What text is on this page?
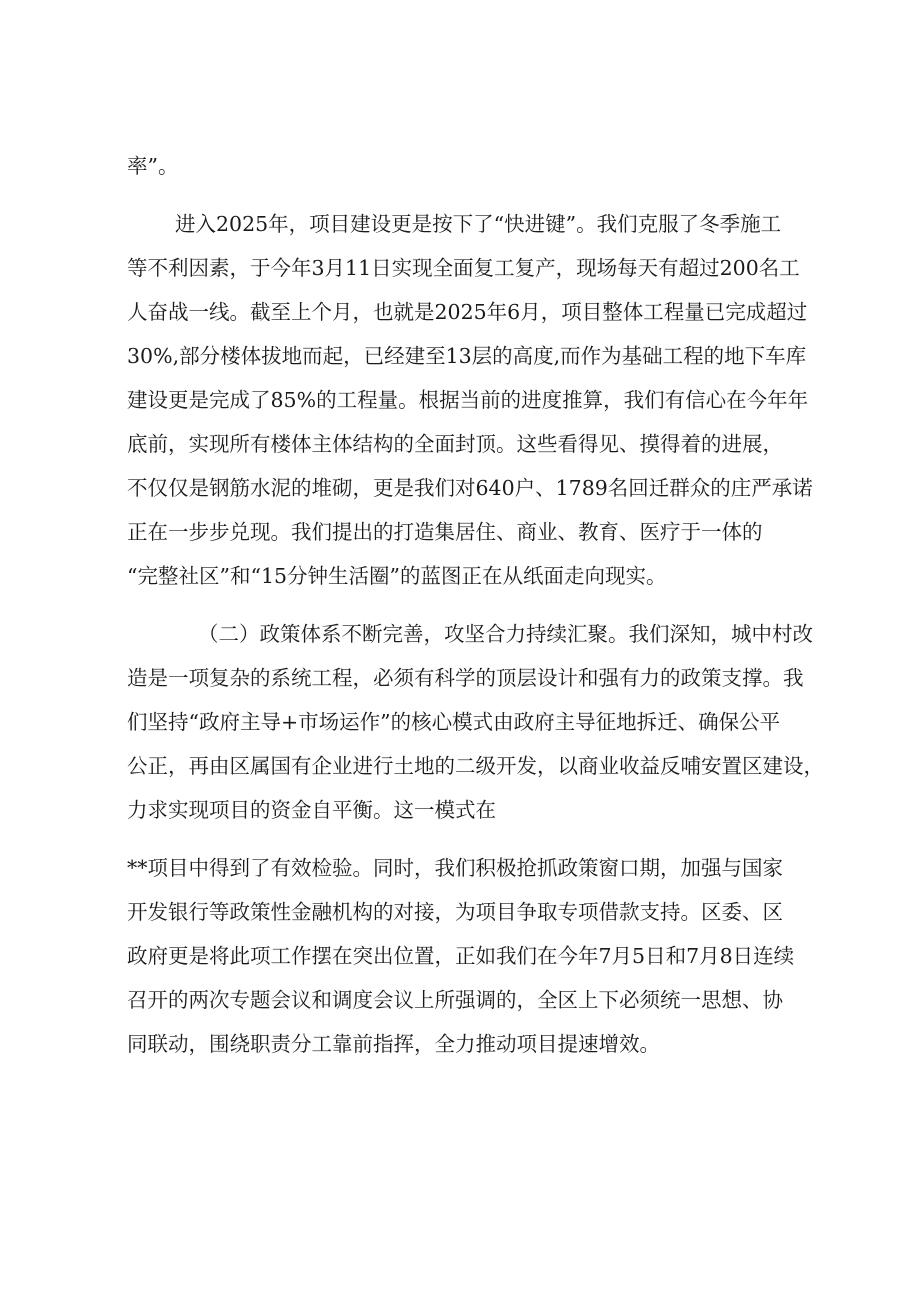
率”。
进入2025年，项目建设更是按下了“快进键”。我们克服了冬季施工
等不利因素，于今年3月11日实现全面复工复产，现场每天有超过200名工
人奋战一线。截至上个月，也就是2025年6月，项目整体工程量已完成超过
30%,部分楼体拔地而起，已经建至13层的高度,而作为基础工程的地下车库
建设更是完成了85%的工程量。根据当前的进度推算，我们有信心在今年年
底前，实现所有楼体主体结构的全面封顶。这些看得见、摸得着的进展，
不仅仅是钢筋水泥的堆砌，更是我们对640户、1789名回迁群众的庄严承诺
正在一步步兑现。我们提出的打造集居住、商业、教育、医疗于一体的
“完整社区”和“15分钟生活圈”的蓝图正在从纸面走向现实。
（二）政策体系不断完善，攻坚合力持续汇聚。我们深知，城中村改
造是一项复杂的系统工程，必须有科学的顶层设计和强有力的政策支撑。我
们坚持“政府主导+市场运作”的核心模式由政府主导征地拆迁、确保公平
公正，再由区属国有企业进行土地的二级开发，以商业收益反哺安置区建设，
力求实现项目的资金自平衡。这一模式在
**项目中得到了有效检验。同时，我们积极抢抓政策窗口期，加强与国家
开发银行等政策性金融机构的对接，为项目争取专项借款支持。区委、区
政府更是将此项工作摆在突出位置，正如我们在今年7月5日和7月8日连续
召开的两次专题会议和调度会议上所强调的，全区上下必须统一思想、协
同联动，围绕职责分工靠前指挥，全力推动项目提速增效。
